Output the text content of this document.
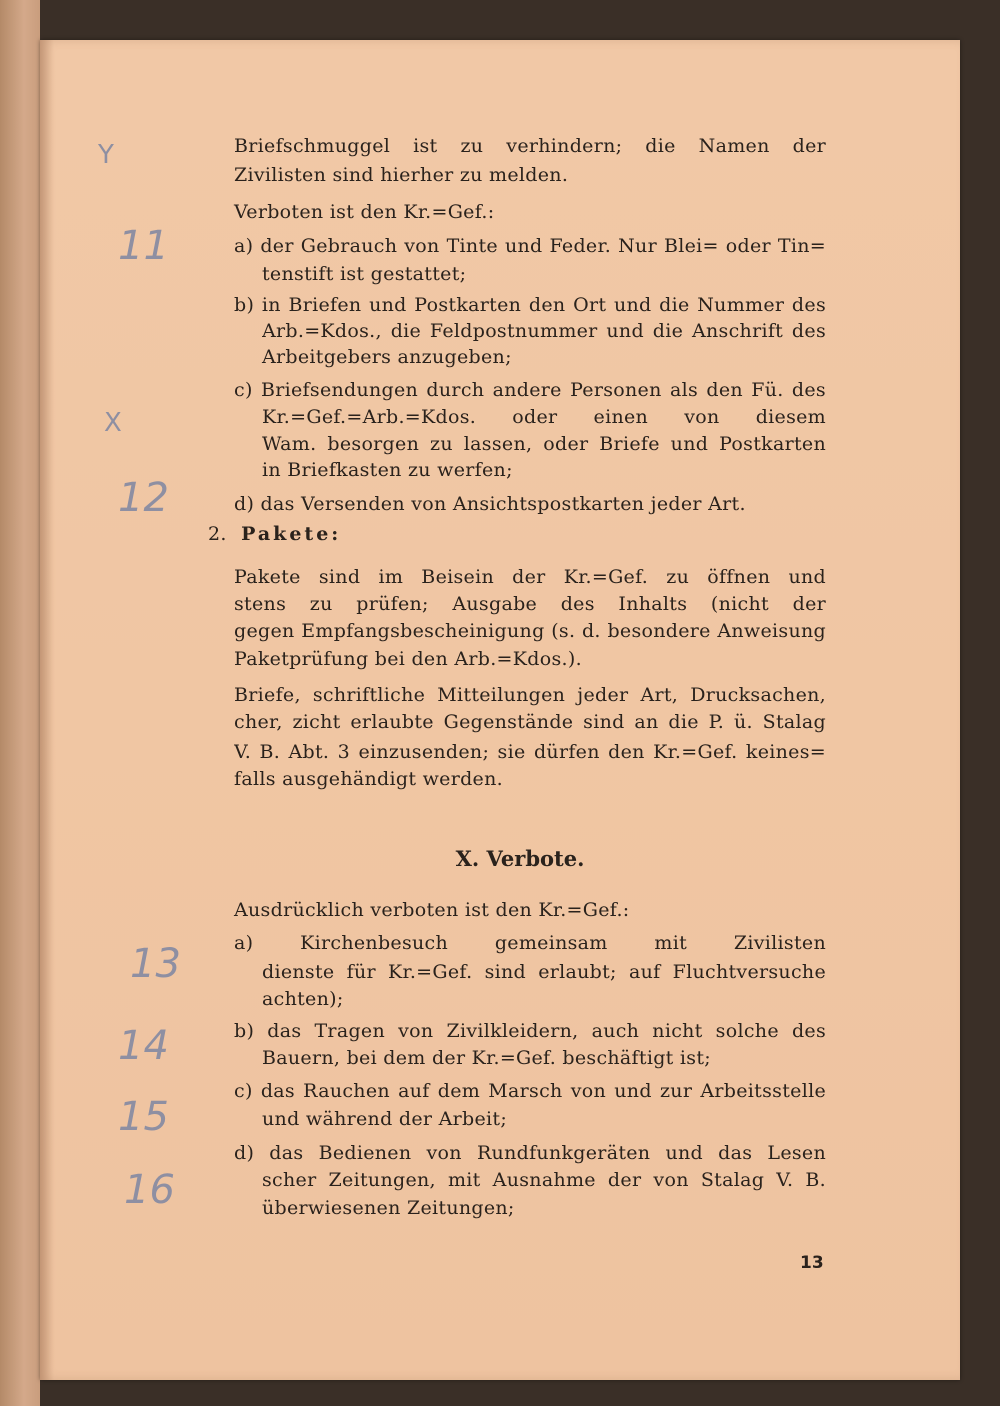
Briefschmuggel ist zu verhindern; die Namen der
Zivilisten sind hierher zu melden.
Verboten ist den Kr.=Gef.:
a) der Gebrauch von Tinte und Feder. Nur Blei= oder Tin=
tenstift ist gestattet;
b) in Briefen und Postkarten den Ort und die Nummer des
Arb.=Kdos., die Feldpostnummer und die Anschrift des
Arbeitgebers anzugeben;
c) Briefsendungen durch andere Personen als den Fü. des
Kr.=Gef.=Arb.=Kdos. oder einen von diesem
Wam. besorgen zu lassen, oder Briefe und Postkarten
in Briefkasten zu werfen;
d) das Versenden von Ansichtspostkarten jeder Art.
Pakete sind im Beisein der Kr.=Gef. zu öffnen und
stens zu prüfen; Ausgabe des Inhalts (nicht der
gegen Empfangsbescheinigung (s. d. besondere Anweisung
Paketprüfung bei den Arb.=Kdos.).
Briefe, schriftliche Mitteilungen jeder Art, Drucksachen,
cher, zicht erlaubte Gegenstände sind an die P. ü. Stalag
V. B. Abt. 3 einzusenden; sie dürfen den Kr.=Gef. keines=
falls ausgehändigt werden.
Ausdrücklich verboten ist den Kr.=Gef.:
a) Kirchenbesuch gemeinsam mit Zivilisten
dienste für Kr.=Gef. sind erlaubt; auf Fluchtversuche
achten);
b) das Tragen von Zivilkleidern, auch nicht solche des
Bauern, bei dem der Kr.=Gef. beschäftigt ist;
c) das Rauchen auf dem Marsch von und zur Arbeitsstelle
und während der Arbeit;
d) das Bedienen von Rundfunkgeräten und das Lesen
scher Zeitungen, mit Ausnahme der von Stalag V. B.
überwiesenen Zeitungen;
2. Pakete:
X. Verbote.
11
12
13
14
15
16
Y
X
13
